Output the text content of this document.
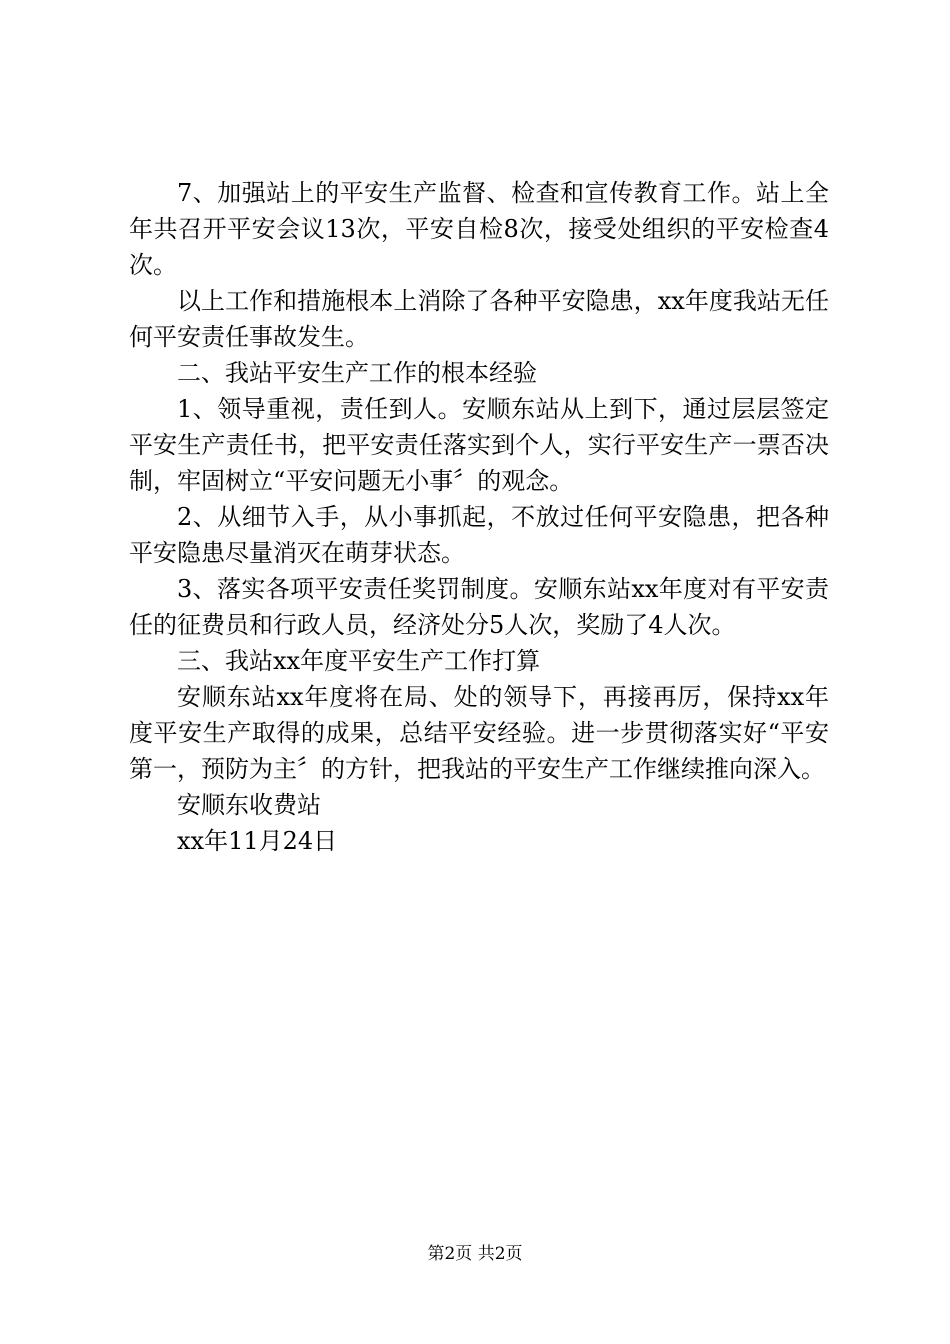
7、加强站上的平安生产监督、检查和宣传教育工作。站上全年共召开平安会议13次，平安自检8次，接受处组织的平安检查4次。

以上工作和措施根本上消除了各种平安隐患，xx年度我站无任何平安责任事故发生。

二、我站平安生产工作的根本经验

1、领导重视，责任到人。安顺东站从上到下，通过层层签定平安生产责任书，把平安责任落实到个人，实行平安生产一票否决制，牢固树立“平安问题无小事〞的观念。

2、从细节入手，从小事抓起，不放过任何平安隐患，把各种平安隐患尽量消灭在萌芽状态。

3、落实各项平安责任奖罚制度。安顺东站xx年度对有平安责任的征费员和行政人员，经济处分5人次，奖励了4人次。

三、我站xx年度平安生产工作打算

安顺东站xx年度将在局、处的领导下，再接再厉，保持xx年度平安生产取得的成果，总结平安经验。进一步贯彻落实好“平安第一，预防为主〞的方针，把我站的平安生产工作继续推向深入。

安顺东收费站

xx年11月24日

第2页 共2页
